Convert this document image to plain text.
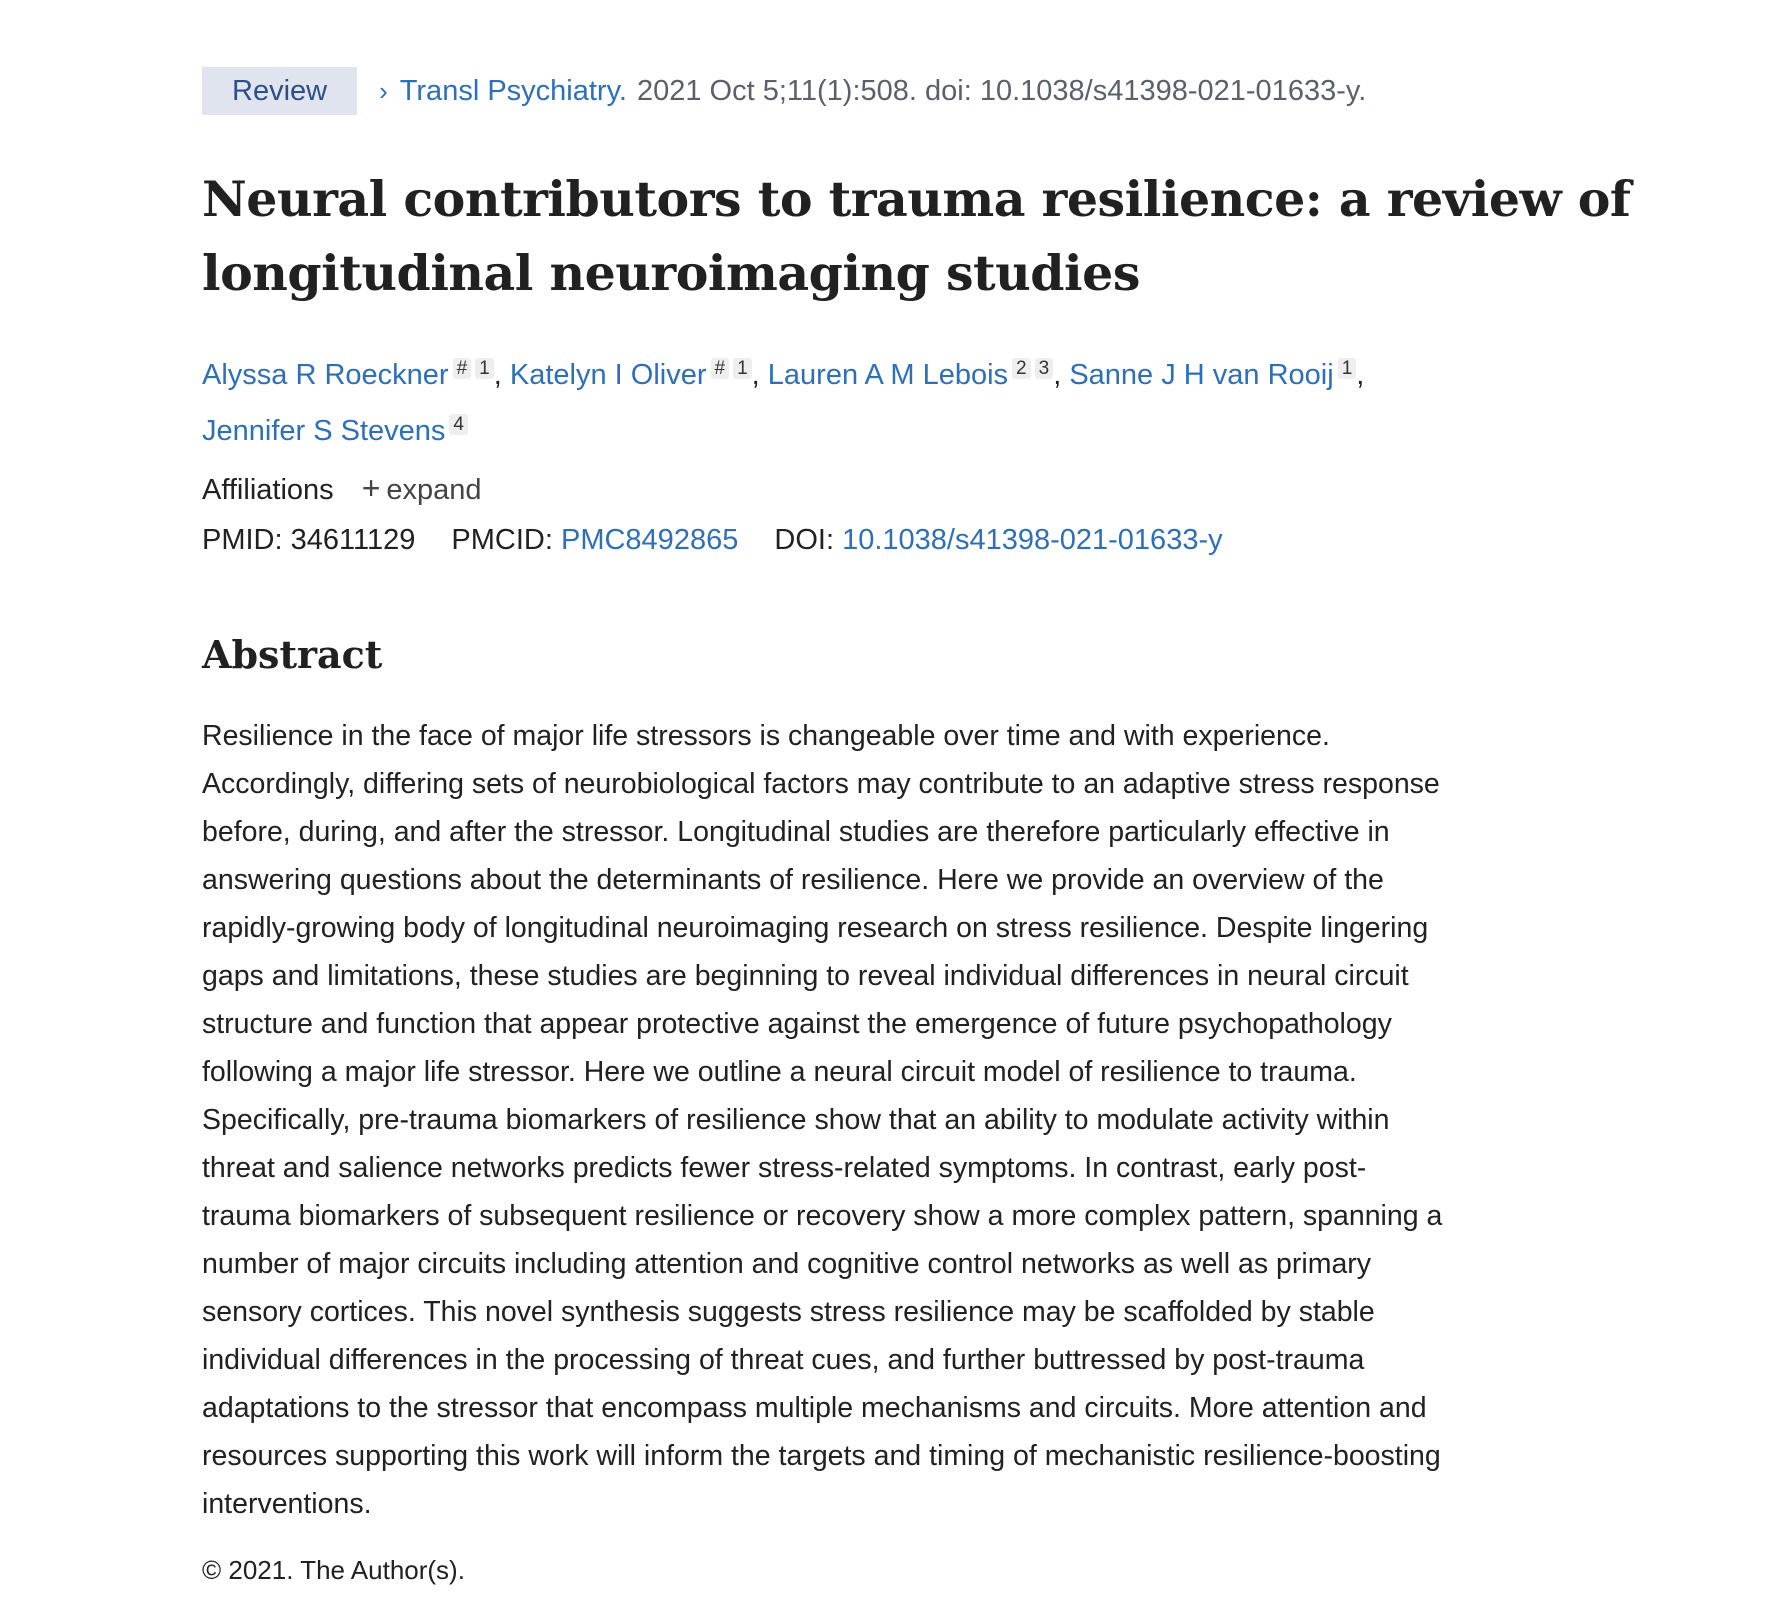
Review	› Transl Psychiatry. 2021 Oct 5;11(1):508. doi: 10.1038/s41398-021-01633-y.
Neural contributors to trauma resilience: a review of longitudinal neuroimaging studies
Alyssa R Roeckner # $^1$ , Katelyn I Oliver # $^1$ , Lauren A M Lebois $^2$ $^3$ , Sanne J H van Rooij $^1$ ,
Jennifer S Stevens $^4$
Affiliations + expand
PMID: 34611129 PMCID: PMC8492865 DOI: 10.1038/s41398-021-01633-y
Abstract
Resilience in the face of major life stressors is changeable over time and with experience.
Accordingly, differing sets of neurobiological factors may contribute to an adaptive stress response
before, during, and after the stressor. Longitudinal studies are therefore particularly effective in
answering questions about the determinants of resilience. Here we provide an overview of the
rapidly-growing body of longitudinal neuroimaging research on stress resilience. Despite lingering
gaps and limitations, these studies are beginning to reveal individual differences in neural circuit
structure and function that appear protective against the emergence of future psychopathology
following a major life stressor. Here we outline a neural circuit model of resilience to trauma.
Specifically, pre-trauma biomarkers of resilience show that an ability to modulate activity within
threat and salience networks predicts fewer stress-related symptoms. In contrast, early post-
trauma biomarkers of subsequent resilience or recovery show a more complex pattern, spanning a
number of major circuits including attention and cognitive control networks as well as primary
sensory cortices. This novel synthesis suggests stress resilience may be scaffolded by stable
individual differences in the processing of threat cues, and further buttressed by post-trauma
adaptations to the stressor that encompass multiple mechanisms and circuits. More attention and
resources supporting this work will inform the targets and timing of mechanistic resilience-boosting
interventions.
© 2021. The Author(s).
